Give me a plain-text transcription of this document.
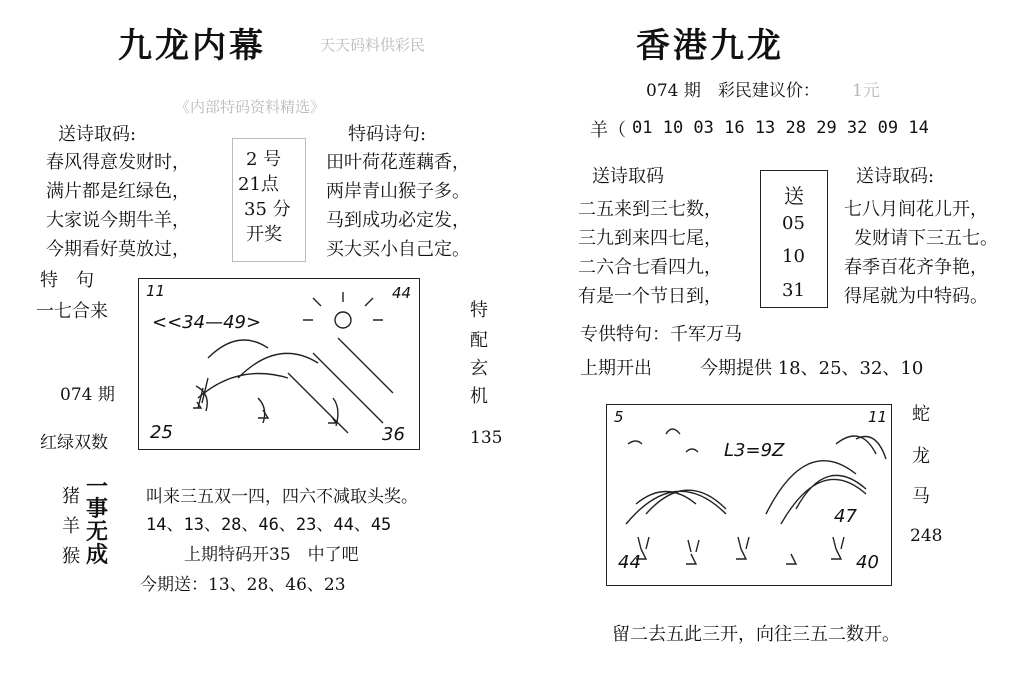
九龙内幕	天天码料供彩民
《内部特码资料精选》
送诗取码:
春风得意发财时，
满片都是红绿色，
大家说今期牛羊，
今期看好莫放过，
2 号
21点
35 分
开奖
特码诗句:
田叶荷花莲藕香，
两岸青山猴子多。
马到成功必定发，
买大买小自己定。
特　句
一七合来
074 期
红绿双数
11	44
<<34—49>
25	36
特
配
玄
机
135
猪
羊
猴
一
事
无
成
叫来三五双一四，四六不减取头奖。
14、13、28、46、23、44、45
上期特码开35　中了吧
今期送：13、28、46、23
香港九龙
074 期　彩民建议价： 1元
羊（ 01 10 03 16 13 28 29 32 09 14
送诗取码
二五来到三七数，
三九到来四七尾，
二六合七看四九，
有是一个节日到，
送
05
10
31
送诗取码:
七八月间花儿开，
发财请下三五七。
春季百花齐争艳，
得尾就为中特码。
专供特句：千军万马
上期开出	今期提供 18、25、32、10
5	11
L3=9Z
47
44	40
蛇
龙
马
248
留二去五此三开，向往三五二数开。
